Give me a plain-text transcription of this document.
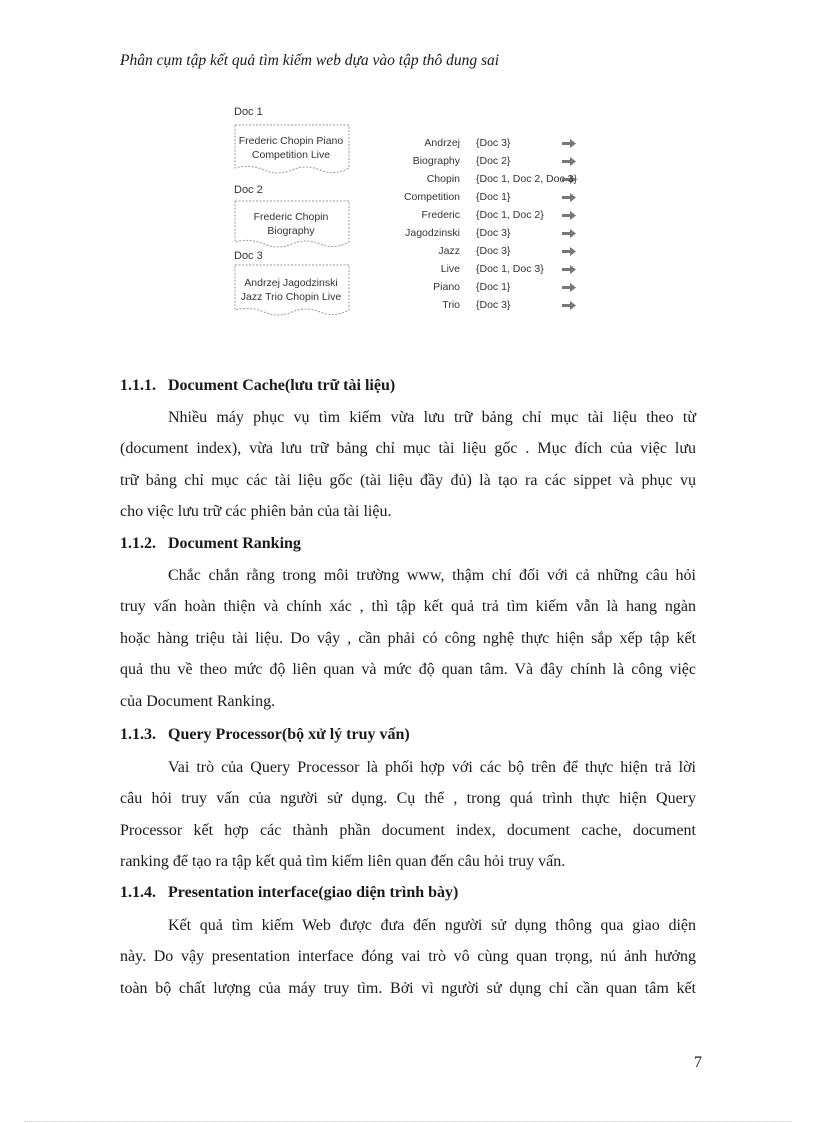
Phân cụm tập kết quả tìm kiếm web dựa vào tập thô dung sai
Doc 1
Frederic Chopin Piano
Competition Live
Doc 2
Frederic Chopin
Biography
Doc 3
Andrzej Jagodzinski
Jazz Trio Chopin Live
Andrzej {Doc 3}
Biography {Doc 2}
Chopin {Doc 1, Doc 2, Doc 3}
Competition {Doc 1}
Frederic {Doc 1, Doc 2}
Jagodzinski {Doc 3}
Jazz {Doc 3}
Live {Doc 1, Doc 3}
Piano {Doc 1}
Trio {Doc 3}
1.1.1. Document Cache(lưu trữ tài liệu)
Nhiều máy phục vụ tìm kiếm vừa lưu trữ bảng chỉ mục tài liệu theo từ
(document index), vừa lưu trữ bảng chỉ mục tài liệu gốc . Mục đích của việc lưu
trữ bảng chỉ mục các tài liệu gốc (tài liệu đầy đủ) là tạo ra các sippet và phục vụ
cho việc lưu trữ các phiên bản của tài liệu.
1.1.2. Document Ranking
Chắc chắn rằng trong môi trường www, thậm chí đối với cả những câu hỏi
truy vấn hoàn thiện và chính xác , thì tập kết quả trả tìm kiếm vẫn là hang ngàn
hoặc hàng triệu tài liệu. Do vậy , cần phải có công nghệ thực hiện sắp xếp tập kết
quả thu về theo mức độ liên quan và mức độ quan tâm. Và đây chính là công việc
của Document Ranking.
1.1.3. Query Processor(bộ xử lý truy vấn)
Vai trò của Query Processor là phối hợp với các bộ trên để thực hiện trả lời
câu hỏi truy vấn của người sử dụng. Cụ thể , trong quá trình thực hiện Query
Processor kết hợp các thành phần document index, document cache, document
ranking để tạo ra tập kết quả tìm kiếm liên quan đến câu hỏi truy vấn.
1.1.4. Presentation interface(giao diện trình bày)
Kết quả tìm kiếm Web được đưa đến người sử dụng thông qua giao diện
này. Do vậy presentation interface đóng vai trò vô cùng quan trọng, nú ảnh hưởng
toàn bộ chất lượng của máy truy tìm. Bởi vì người sử dụng chỉ cần quan tâm kết
7
